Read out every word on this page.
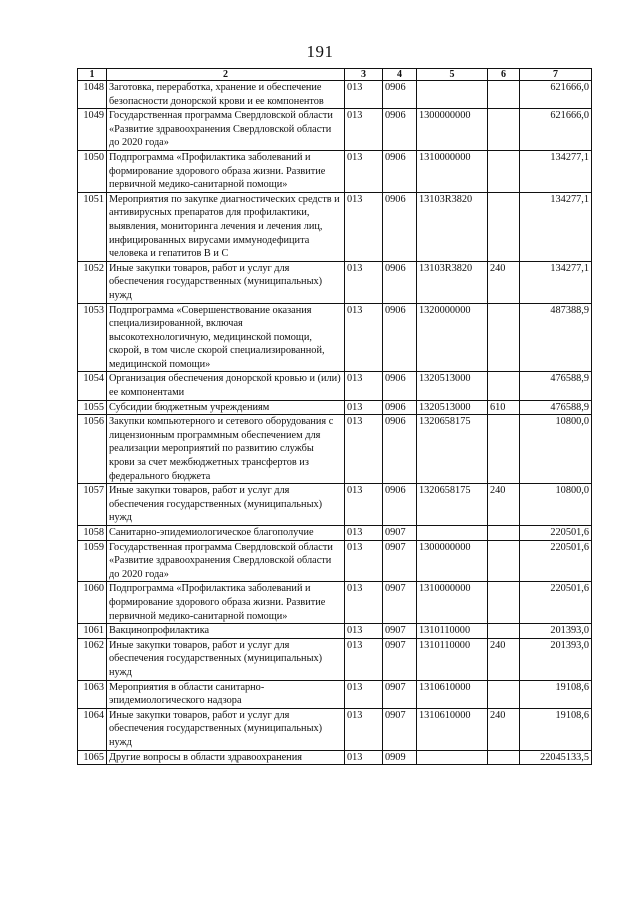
191
1	2	3	4	5	6	7
1048	Заготовка, переработка, хранение и обеспечение безопасности донорской крови и ее компонентов	013	0906			621666,0
1049	Государственная программа Свердловской области «Развитие здравоохранения Свердловской области до 2020 года»	013	0906	1300000000		621666,0
1050	Подпрограмма «Профилактика заболеваний и формирование здорового образа жизни. Развитие первичной медико-санитарной помощи»	013	0906	1310000000		134277,1
1051	Мероприятия по закупке диагностических средств и антивирусных препаратов для профилактики, выявления, мониторинга лечения и лечения лиц, инфицированных вирусами иммунодефицита человека и гепатитов В и С	013	0906	13103R3820		134277,1
1052	Иные закупки товаров, работ и услуг для обеспечения государственных (муниципальных) нужд	013	0906	13103R3820	240	134277,1
1053	Подпрограмма «Совершенствование оказания специализированной, включая высокотехнологичную, медицинской помощи, скорой, в том числе скорой специализированной, медицинской помощи»	013	0906	1320000000		487388,9
1054	Организация обеспечения донорской кровью и (или) ее компонентами	013	0906	1320513000		476588,9
1055	Субсидии бюджетным учреждениям	013	0906	1320513000	610	476588,9
1056	Закупки компьютерного и сетевого оборудования с лицензионным программным обеспечением для реализации мероприятий по развитию службы крови за счет межбюджетных трансфертов из федерального бюджета	013	0906	1320658175		10800,0
1057	Иные закупки товаров, работ и услуг для обеспечения государственных (муниципальных) нужд	013	0906	1320658175	240	10800,0
1058	Санитарно-эпидемиологическое благополучие	013	0907			220501,6
1059	Государственная программа Свердловской области «Развитие здравоохранения Свердловской области до 2020 года»	013	0907	1300000000		220501,6
1060	Подпрограмма «Профилактика заболеваний и формирование здорового образа жизни. Развитие первичной медико-санитарной помощи»	013	0907	1310000000		220501,6
1061	Вакцинопрофилактика	013	0907	1310110000		201393,0
1062	Иные закупки товаров, работ и услуг для обеспечения государственных (муниципальных) нужд	013	0907	1310110000	240	201393,0
1063	Мероприятия в области санитарно-эпидемиологического надзора	013	0907	1310610000		19108,6
1064	Иные закупки товаров, работ и услуг для обеспечения государственных (муниципальных) нужд	013	0907	1310610000	240	19108,6
1065	Другие вопросы в области здравоохранения	013	0909			22045133,5
